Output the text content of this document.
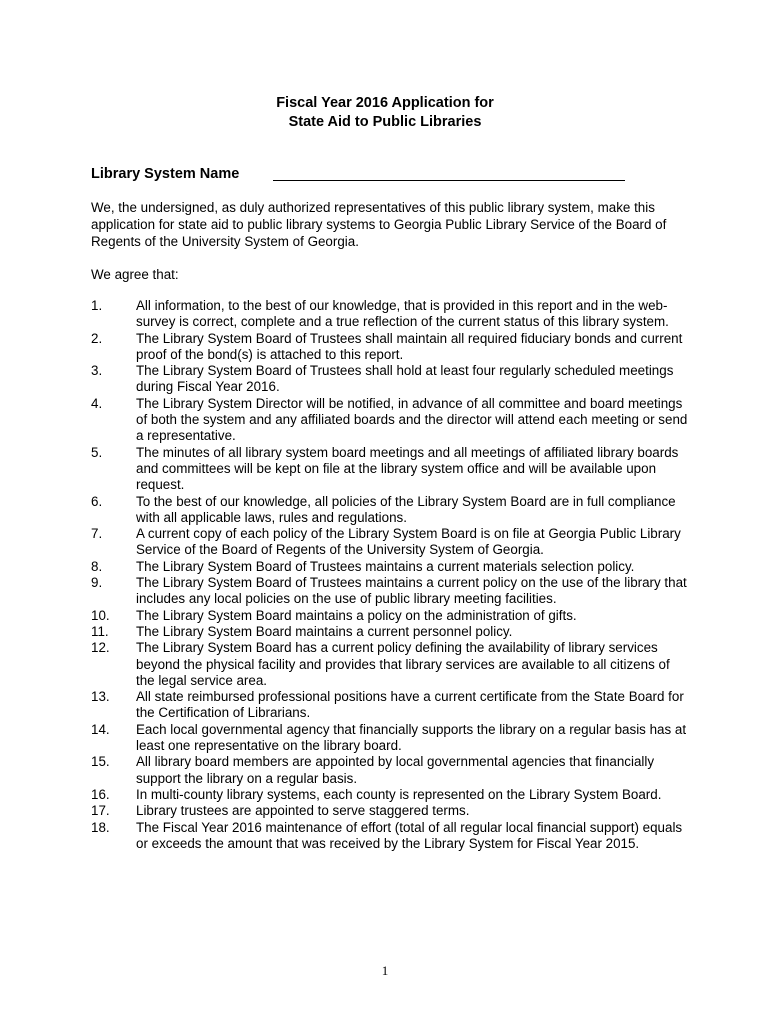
Fiscal Year 2016 Application for
State Aid to Public Libraries
Library System Name
We, the undersigned, as duly authorized representatives of this public library system, make this application for state aid to public library systems to Georgia Public Library Service of the Board of Regents of the University System of Georgia.
We agree that:
1.	All information, to the best of our knowledge, that is provided in this report and in the web-survey is correct, complete and a true reflection of the current status of this library system.
2.	The Library System Board of Trustees shall maintain all required fiduciary bonds and current proof of the bond(s) is attached to this report.
3.	The Library System Board of Trustees shall hold at least four regularly scheduled meetings during Fiscal Year 2016.
4.	The Library System Director will be notified, in advance of all committee and board meetings of both the system and any affiliated boards and the director will attend each meeting or send a representative.
5.	The minutes of all library system board meetings and all meetings of affiliated library boards and committees will be kept on file at the library system office and will be available upon request.
6.	To the best of our knowledge, all policies of the Library System Board are in full compliance with all applicable laws, rules and regulations.
7.	A current copy of each policy of the Library System Board is on file at Georgia Public Library Service of the Board of Regents of the University System of Georgia.
8.	The Library System Board of Trustees maintains a current materials selection policy.
9.	The Library System Board of Trustees maintains a current policy on the use of the library that includes any local policies on the use of public library meeting facilities.
10.	The Library System Board maintains a policy on the administration of gifts.
11.	The Library System Board maintains a current personnel policy.
12.	The Library System Board has a current policy defining the availability of library services beyond the physical facility and provides that library services are available to all citizens of the legal service area.
13.	All state reimbursed professional positions have a current certificate from the State Board for the Certification of Librarians.
14.	Each local governmental agency that financially supports the library on a regular basis has at least one representative on the library board.
15.	All library board members are appointed by local governmental agencies that financially support the library on a regular basis.
16.	In multi-county library systems, each county is represented on the Library System Board.
17.	Library trustees are appointed to serve staggered terms.
18.	The Fiscal Year 2016 maintenance of effort (total of all regular local financial support) equals or exceeds the amount that was received by the Library System for Fiscal Year 2015.
1
